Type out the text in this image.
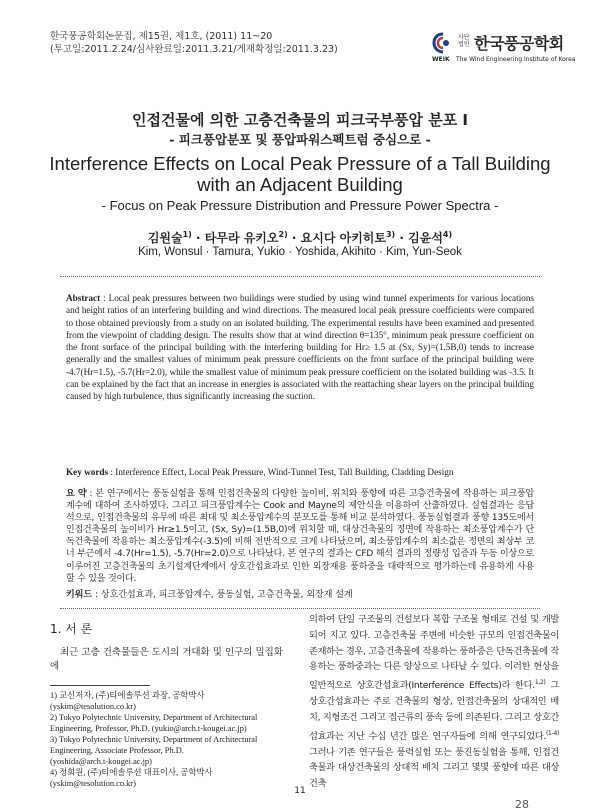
한국풍공학회논문집, 제15권, 제1호, (2011) 11~20
(투고일:2011.2.24/심사완료일:2011.3.21/게재확정일:2011.3.23)
사단
법인 한국풍공학회
WEIK The Wind Engineering Institute of Korea
인접건물에 의한 고층건축물의 피크국부풍압 분포 Ⅰ
- 피크풍압분포 및 풍압파워스펙트럼 중심으로 -
Interference Effects on Local Peak Pressure of a Tall Building
with an Adjacent Building
- Focus on Peak Pressure Distribution and Pressure Power Spectra -
김원술$^{1)}$ · 타무라 유키오$^{2)}$ · 요시다 아키히토$^{3)}$ · 김윤석$^{4)}$
Kim, Wonsul · Tamura, Yukio · Yoshida, Akihito · Kim, Yun-Seok
Abstract : Local peak pressures between two buildings were studied by using wind tunnel experiments for various locations and height ratios of an interfering building and wind directions. The measured local peak pressure coefficients were compared to those obtained previously from a study on an isolated building. The experimental results have been examined and presented from the viewpoint of cladding design. The results show that at wind direction θ=135°, minimum peak pressure coefficient on the front surface of the principal building with the interfering building for Hr≥ 1.5 at (Sx, Sy)=(1.5B,0) tends to increase generally and the smallest values of minimum peak pressure coefficients on the front surface of the principal building were -4.7(Hr=1.5), -5.7(Hr=2.0), while the smallest value of minimum peak pressure coefficient on the isolated building was -3.5. It can be explained by the fact that an increase in energies is associated with the reattaching shear layers on the principal building caused by high turbulence, thus significantly increasing the suction.
Key words : Interference Effect, Local Peak Pressure, Wind-Tunnel Test, Tall Building, Cladding Design
요 약 : 본 연구에서는 풍동실험을 통해 인접건축물의 다양한 높이비, 위치와 풍향에 따른 고층건축물에 작용하는 피크풍압계수에 대하여 조사하였다. 그리고 피크풍압계수는 Cook and Mayne의 제안식을 이용하여 산출하였다. 실험결과는 응답석으로, 인접건축물의 유무에 따른 최대 및 최소풍압계수의 분포도를 통해 비교 분석하였다. 풍동실험결과 풍향 135도에서 인접건축물의 높이비가 Hr≥1.5이고, (Sx, Sy)=(1.5B,0)에 위치할 때, 대상건축물의 정면에 작용하는 최소풍압계수가 단독건축물에 작용하는 최소풍압계수(-3.5)에 비해 전반적으로 크게 나타났으며, 최소풍압계수의 최소값은 정면의 최상부 코너 부근에서 -4.7(Hr=1.5), -5.7(Hr=2.0)으로 나타났다. 본 연구의 결과는 CFD 해석 결과의 정량성 입증과 두동 이상으로 이루어진 고층건축물의 초기설계단계에서 상호간섭효과로 인한 외장재용 풍하중을 대략적으로 평가하는데 유용하게 사용할 수 있을 것이다.
키워드 : 상호간섭효과, 피크풍압계수, 풍동실험, 고층건축물, 외장재 설계
1. 서 론
최근 고층 건축물들은 도시의 거대화 및 인구의 밀집화에
1) 교신저자, (주)티에솔루션 과장, 공학박사
(yskim@tesolution.co.kr)
2) Tokyo Polytechnic University, Department of Architectural
Engineering, Professor, Ph.D. (yukio@arch.t-kougei.ac.jp)
3) Tokyo Polytechnic University, Department of Architectural
Engineering, Associate Professor, Ph.D.
(yoshida@arch.t-kougei.ac.jp)
4) 정회원, (주)티에솔루션 대표이사, 공학박사
(yskim@tesolution.co.kr)
의하여 단일 구조물의 건설보다 복합 구조물 형태로 건설 및 개발되어 지고 있다. 고층건축물 주변에 비슷한 규모의 인접건축물이 존재하는 경우, 고층건축물에 작용하는 풍하중은 단독건축물에 작용하는 풍하중과는 다른 양상으로 나타날 수 있다. 이러한 현상을 일반적으로 상호간섭효과(Interference Effects)라 한다.$^{1,2)}$ 그 상호간섭효과는 주로 건축물의 형상, 인접건축물의 상대적인 배치, 지형조건 그리고 접근류의 풍속 등에 의존된다. 그리고 상호간섭효과는 지난 수십 년간 많은 연구자들에 의해 연구되었다.$^{(1-4)}$ 그러나 기존 연구들은 풍력실험 또는 풍진동실험을 통해, 인접건축물과 대상건축물의 상대적 배치 그리고 몇몇 풍향에 따른 대상 건축
11
28
